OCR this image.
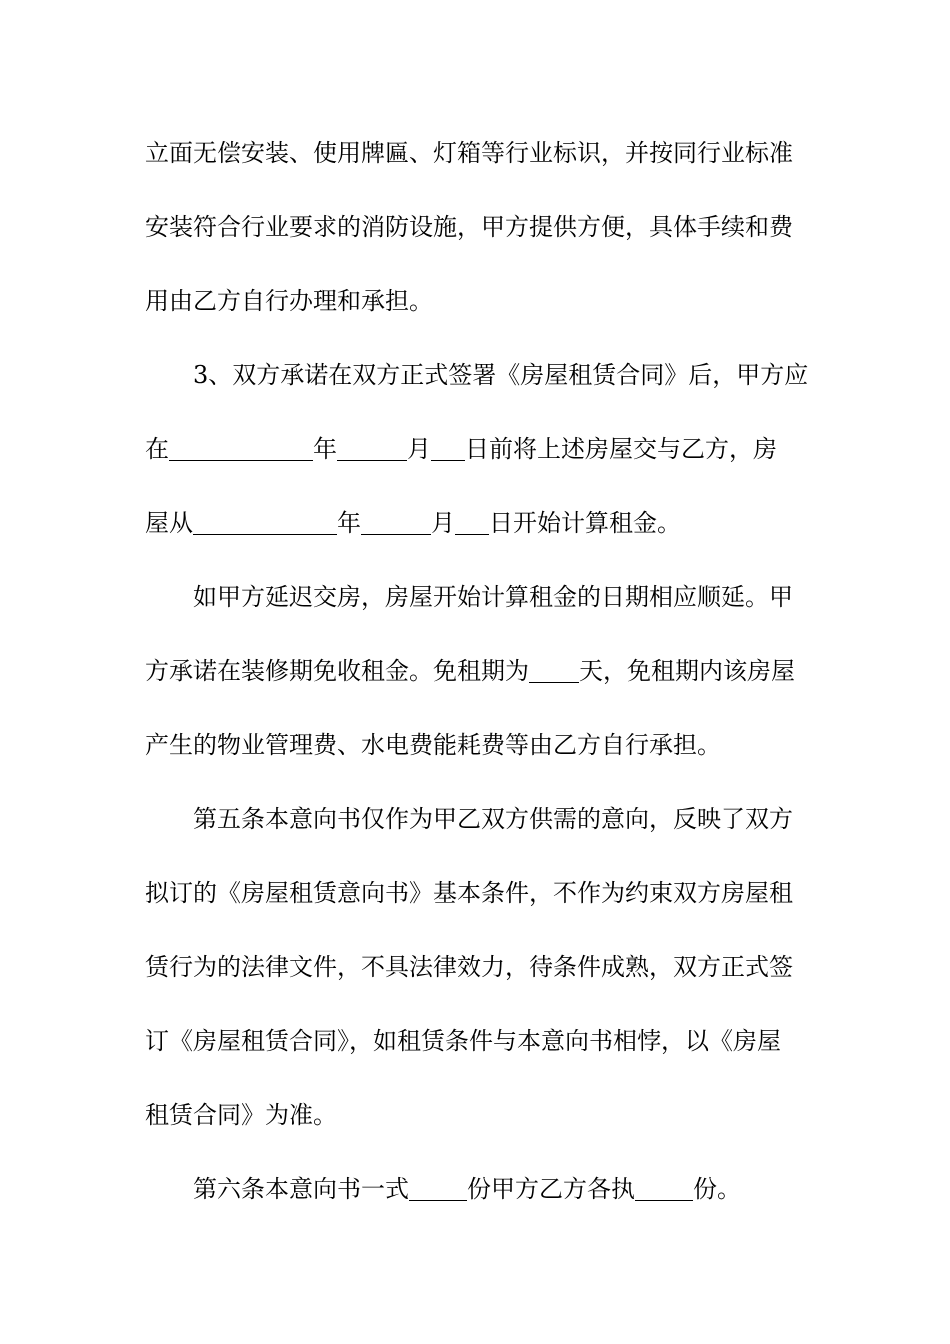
立面无偿安装、使用牌匾、灯箱等行业标识，并按同行业标准
安装符合行业要求的消防设施，甲方提供方便，具体手续和费
用由乙方自行办理和承担。
3、双方承诺在双方正式签署《房屋租赁合同》后，甲方应
在	年	月 日前将上述房屋交与乙方，房
屋从	年	月 日开始计算租金。
如甲方延迟交房，房屋开始计算租金的日期相应顺延。甲
方承诺在装修期免收租金。免租期为 天，免租期内该房屋
产生的物业管理费、水电费能耗费等由乙方自行承担。
第五条本意向书仅作为甲乙双方供需的意向，反映了双方
拟订的《房屋租赁意向书》基本条件，不作为约束双方房屋租
赁行为的法律文件，不具法律效力，待条件成熟，双方正式签
订《房屋租赁合同》，如租赁条件与本意向书相悖，以《房屋
租赁合同》为准。
第六条本意向书一式 份甲方乙方各执 份。
